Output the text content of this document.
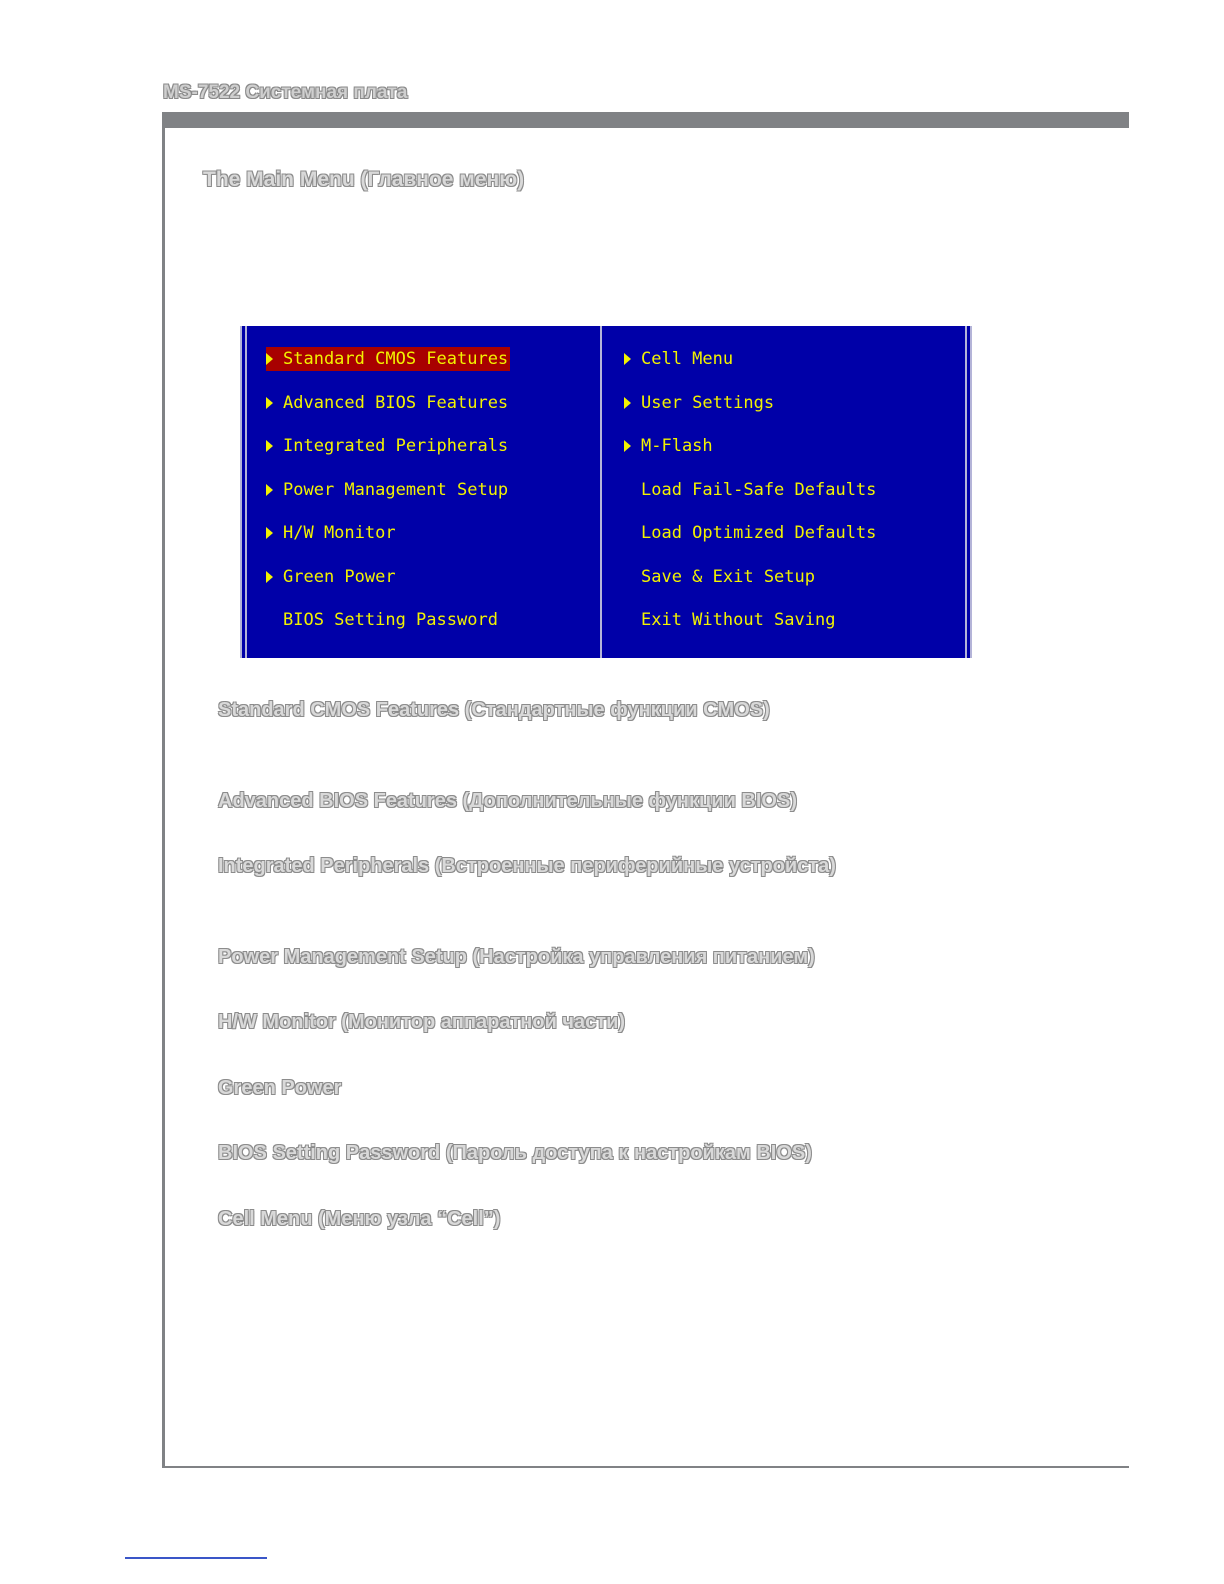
MS-7522 Системная плата
The Main Menu (Главное меню)
Standard CMOS Features
Advanced BIOS Features
Integrated Peripherals
Power Management Setup
H/W Monitor
Green Power
BIOS Setting Password
Cell Menu
User Settings
M-Flash
Load Fail-Safe Defaults
Load Optimized Defaults
Save & Exit Setup
Exit Without Saving
Standard CMOS Features (Стандартные функции CMOS)
Advanced BIOS Features (Дополнительные функции BIOS)
Integrated Peripherals (Встроенные периферийные устройста)
Power Management Setup (Настройка управления питанием)
H/W Monitor (Монитор аппаратной части)
Green Power
BIOS Setting Password (Пароль доступа к настройкам BIOS)
Cell Menu (Меню узла “Cell”)
